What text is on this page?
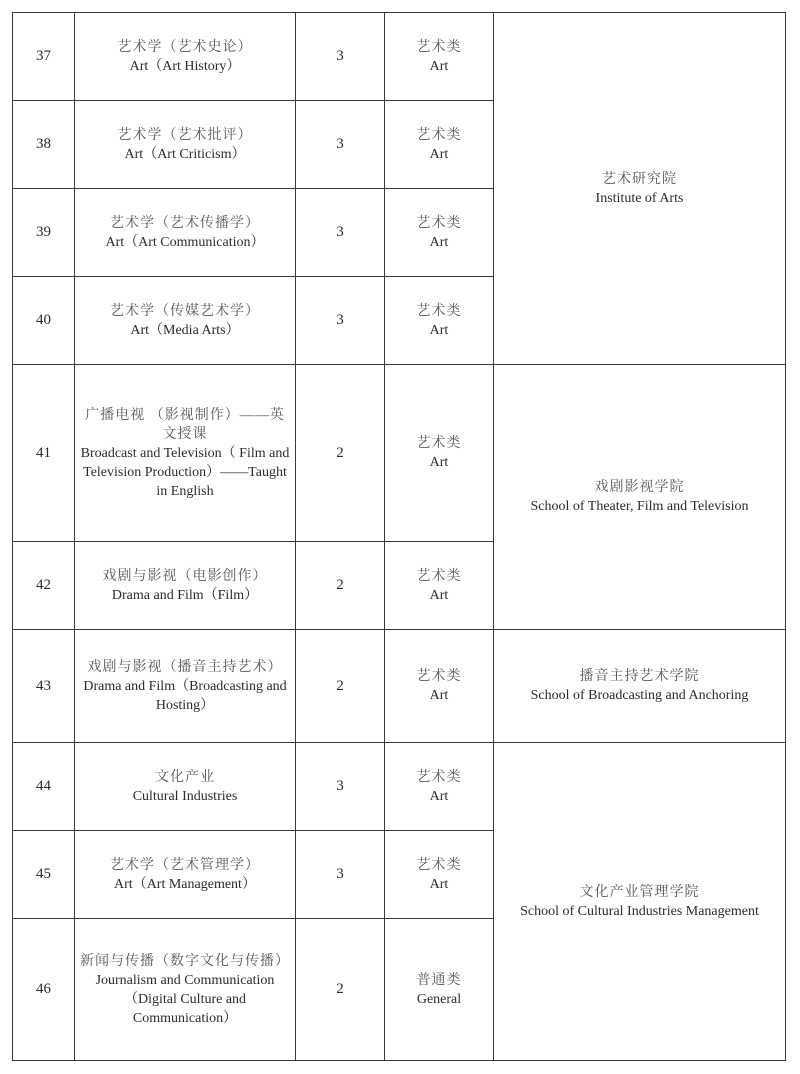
37	艺术学（艺术史论）
Art（Art History）	3	艺术类
Art	艺术研究院
Institute of Arts

38	艺术学（艺术批评）
Art（Art Criticism）	3	艺术类
Art	

39	艺术学（艺术传播学）
Art（Art Communication）	3	艺术类
Art	

40	艺术学（传媒艺术学）
Art（Media Arts）	3	艺术类
Art	

41	广播电视 （影视制作）——英文授课
Broadcast and Television（ Film and Television Production）——Taught in English	2	艺术类
Art	戏剧影视学院
School of Theater, Film and Television

42	戏剧与影视（电影创作）
Drama and Film（Film）	2	艺术类
Art	

43	戏剧与影视（播音主持艺术）
Drama and Film（Broadcasting and Hosting）	2	艺术类
Art	播音主持艺术学院
School of Broadcasting and Anchoring

44	文化产业
Cultural Industries	3	艺术类
Art	文化产业管理学院
School of Cultural Industries Management

45	艺术学（艺术管理学）
Art（Art Management）	3	艺术类
Art	

46	新闻与传播（数字文化与传播）
Journalism and Communication（Digital Culture and Communication）	2	普通类
General	
